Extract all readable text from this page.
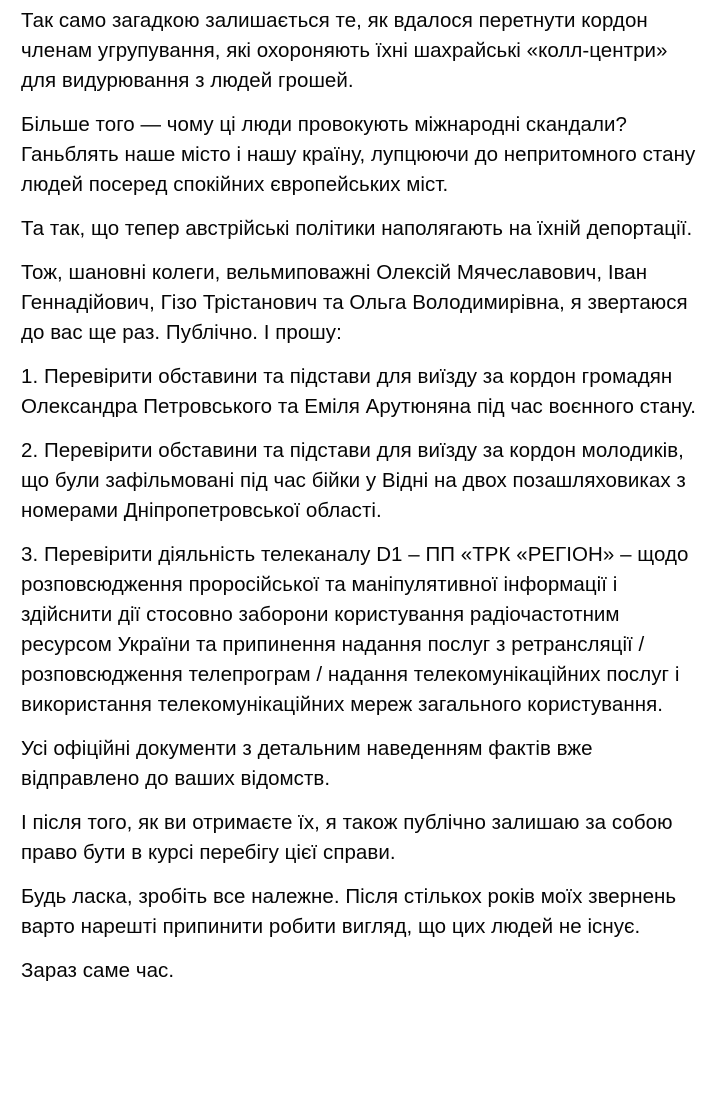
Так само загадкою залишається те, як вдалося перетнути кордон членам угрупування, які охороняють їхні шахрайські «колл-центри» для видурювання з людей грошей.

Більше того — чому ці люди провокують міжнародні скандали? Ганьблять наше місто і нашу країну, лупцюючи до непритомного стану людей посеред спокійних європейських міст.

Та так, що тепер австрійські політики наполягають на їхній депортації.

Тож, шановні колеги, вельмиповажні Олексій Мячеславович, Іван Геннадійович, Гізо Трістанович та Ольга Володимирівна, я звертаюся до вас ще раз. Публічно. І прошу:

1. Перевірити обставини та підстави для виїзду за кордон громадян Олександра Петровського та Еміля Арутюняна під час воєнного стану.

2. Перевірити обставини та підстави для виїзду за кордон молодиків, що були зафільмовані під час бійки у Відні на двох позашляховиках з номерами Дніпропетровської області.

3. Перевірити діяльність телеканалу D1 – ПП «ТРК «РЕГІОН» – щодо розповсюдження проросійської та маніпулятивної інформації і здійснити дії стосовно заборони користування радіочастотним ресурсом України та припинення надання послуг з ретрансляції / розповсюдження телепрограм / надання телекомунікаційних послуг і використання телекомунікаційних мереж загального користування.

Усі офіційні документи з детальним наведенням фактів вже відправлено до ваших відомств.

І після того, як ви отримаєте їх, я також публічно залишаю за собою право бути в курсі перебігу цієї справи.

Будь ласка, зробіть все належне. Після стількох років моїх звернень варто нарешті припинити робити вигляд, що цих людей не існує.

Зараз саме час.
